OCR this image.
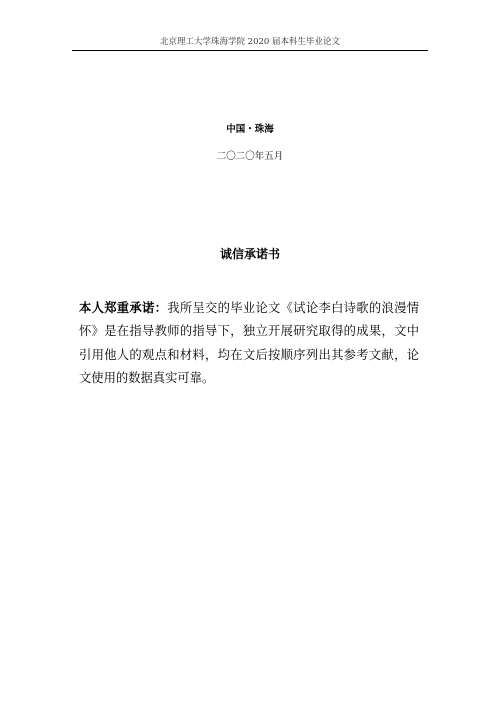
北京理工大学珠海学院 2020 届本科生毕业论文
中国・珠海
二〇二〇年五月
诚信承诺书
本人郑重承诺：我所呈交的毕业论文《试论李白诗歌的浪漫情怀》是在指导教师的指导下，独立开展研究取得的成果，文中引用他人的观点和材料，均在文后按顺序列出其参考文献，论文使用的数据真实可靠。
